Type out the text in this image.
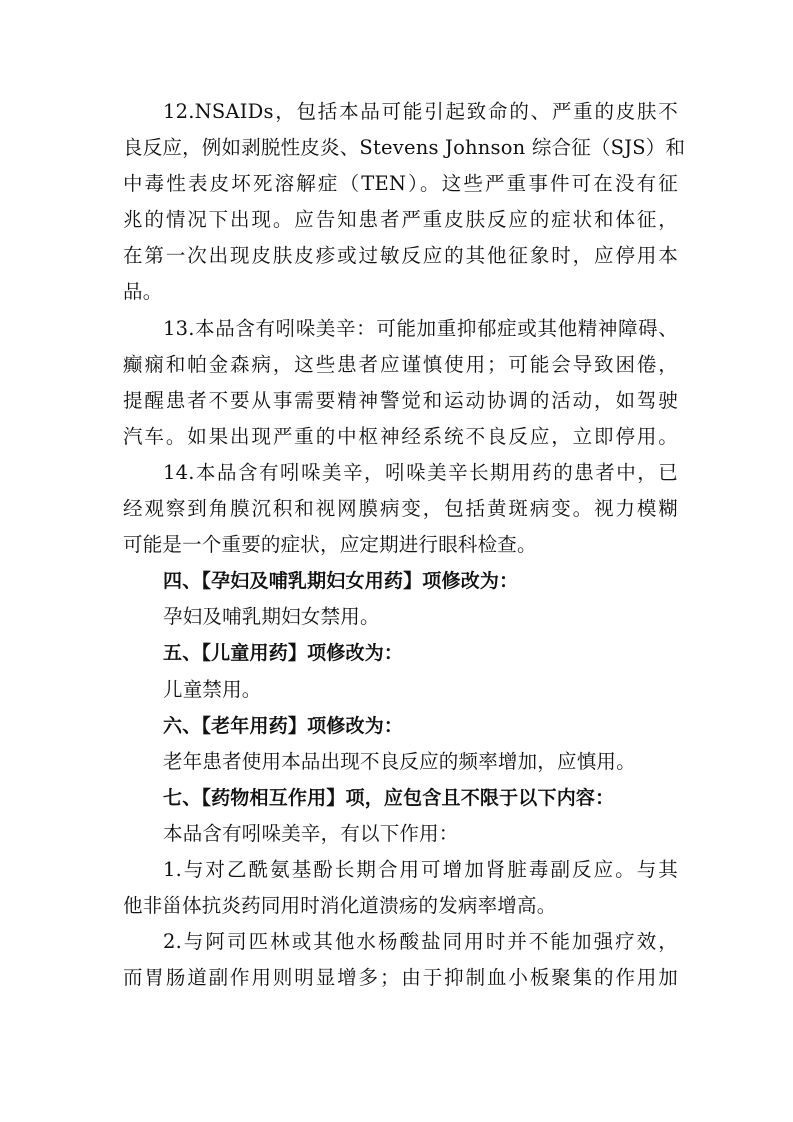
12.NSAIDs，包括本品可能引起致命的、严重的皮肤不
良反应，例如剥脱性皮炎、Stevens Johnson 综合征（SJS）和
中毒性表皮坏死溶解症（TEN）。这些严重事件可在没有征
兆的情况下出现。应告知患者严重皮肤反应的症状和体征，
在第一次出现皮肤皮疹或过敏反应的其他征象时，应停用本
品。
13.本品含有吲哚美辛：可能加重抑郁症或其他精神障碍、
癫痫和帕金森病，这些患者应谨慎使用；可能会导致困倦，
提醒患者不要从事需要精神警觉和运动协调的活动，如驾驶
汽车。如果出现严重的中枢神经系统不良反应，立即停用。
14.本品含有吲哚美辛，吲哚美辛长期用药的患者中，已
经观察到角膜沉积和视网膜病变，包括黄斑病变。视力模糊
可能是一个重要的症状，应定期进行眼科检查。
四、【孕妇及哺乳期妇女用药】项修改为：
孕妇及哺乳期妇女禁用。
五、【儿童用药】项修改为：
儿童禁用。
六、【老年用药】项修改为：
老年患者使用本品出现不良反应的频率增加，应慎用。
七、【药物相互作用】项，应包含且不限于以下内容：
本品含有吲哚美辛，有以下作用：
1.与对乙酰氨基酚长期合用可增加肾脏毒副反应。与其
他非甾体抗炎药同用时消化道溃疡的发病率增高。
2.与阿司匹林或其他水杨酸盐同用时并不能加强疗效，
而胃肠道副作用则明显增多；由于抑制血小板聚集的作用加
